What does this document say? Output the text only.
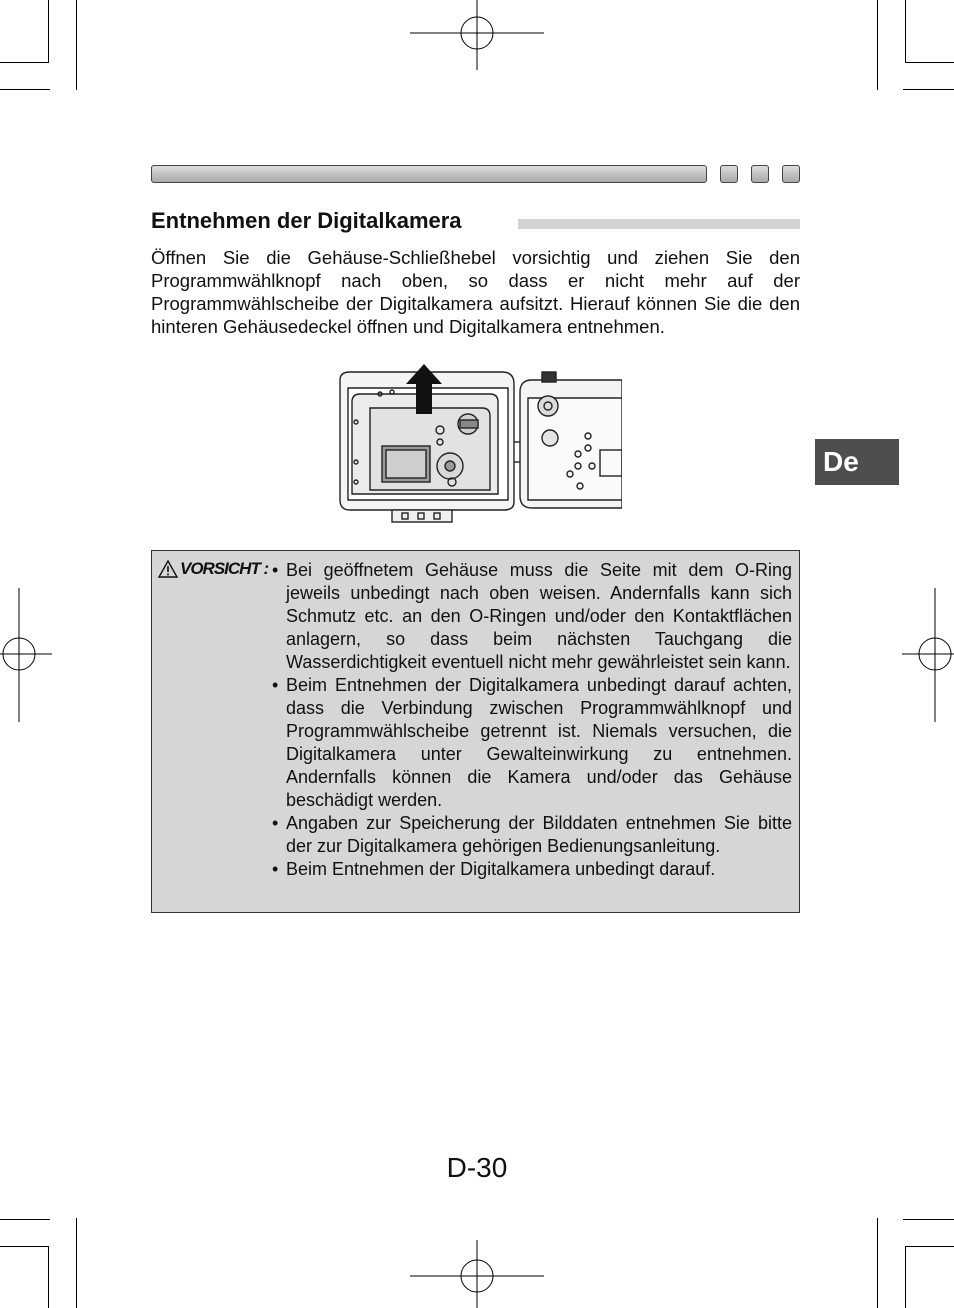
Entnehmen der Digitalkamera

Öffnen Sie die Gehäuse-Schließhebel vorsichtig und ziehen Sie den Programmwählknopf nach oben, so dass er nicht mehr auf der Programmwählscheibe der Digitalkamera aufsitzt. Hierauf können Sie die den hinteren Gehäusedeckel öffnen und Digitalkamera entnehmen.

VORSICHT : • Bei geöffnetem Gehäuse muss die Seite mit dem O-Ring jeweils unbedingt nach oben weisen. Andernfalls kann sich Schmutz etc. an den O-Ringen und/oder den Kontaktflächen anlagern, so dass beim nächsten Tauchgang die Wasserdichtigkeit eventuell nicht mehr gewährleistet sein kann.
• Beim Entnehmen der Digitalkamera unbedingt darauf achten, dass die Verbindung zwischen Programmwählknopf und Programmwählscheibe getrennt ist. Niemals versuchen, die Digitalkamera unter Gewalteinwirkung zu entnehmen. Andernfalls können die Kamera und/oder das Gehäuse beschädigt werden.
• Angaben zur Speicherung der Bilddaten entnehmen Sie bitte der zur Digitalkamera gehörigen Bedienungsanleitung.
• Beim Entnehmen der Digitalkamera unbedingt darauf.
De
D-30
